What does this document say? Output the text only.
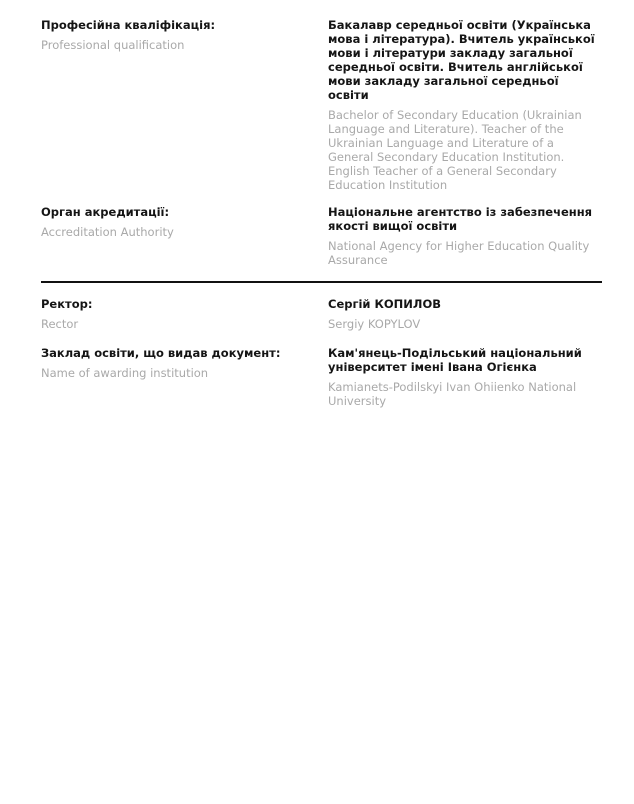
Професійна кваліфікація:
Professional qualification
Бакалавр середньої освіти (Українська мова і література). Вчитель української мови і літератури закладу загальної середньої освіти. Вчитель англійської мови закладу загальної середньої освіти
Bachelor of Secondary Education (Ukrainian Language and Literature). Teacher of the Ukrainian Language and Literature of a General Secondary Education Institution. English Teacher of a General Secondary Education Institution
Орган акредитації:
Accreditation Authority
Національне агентство із забезпечення якості вищої освіти
National Agency for Higher Education Quality Assurance
Ректор:
Rector
Сергій КОПИЛОВ
Sergiy KOPYLOV
Заклад освіти, що видав документ:
Name of awarding institution
Кам'янець-Подільський національний університет імені Івана Огієнка
Kamianets-Podilskyi Ivan Ohiienko National University
